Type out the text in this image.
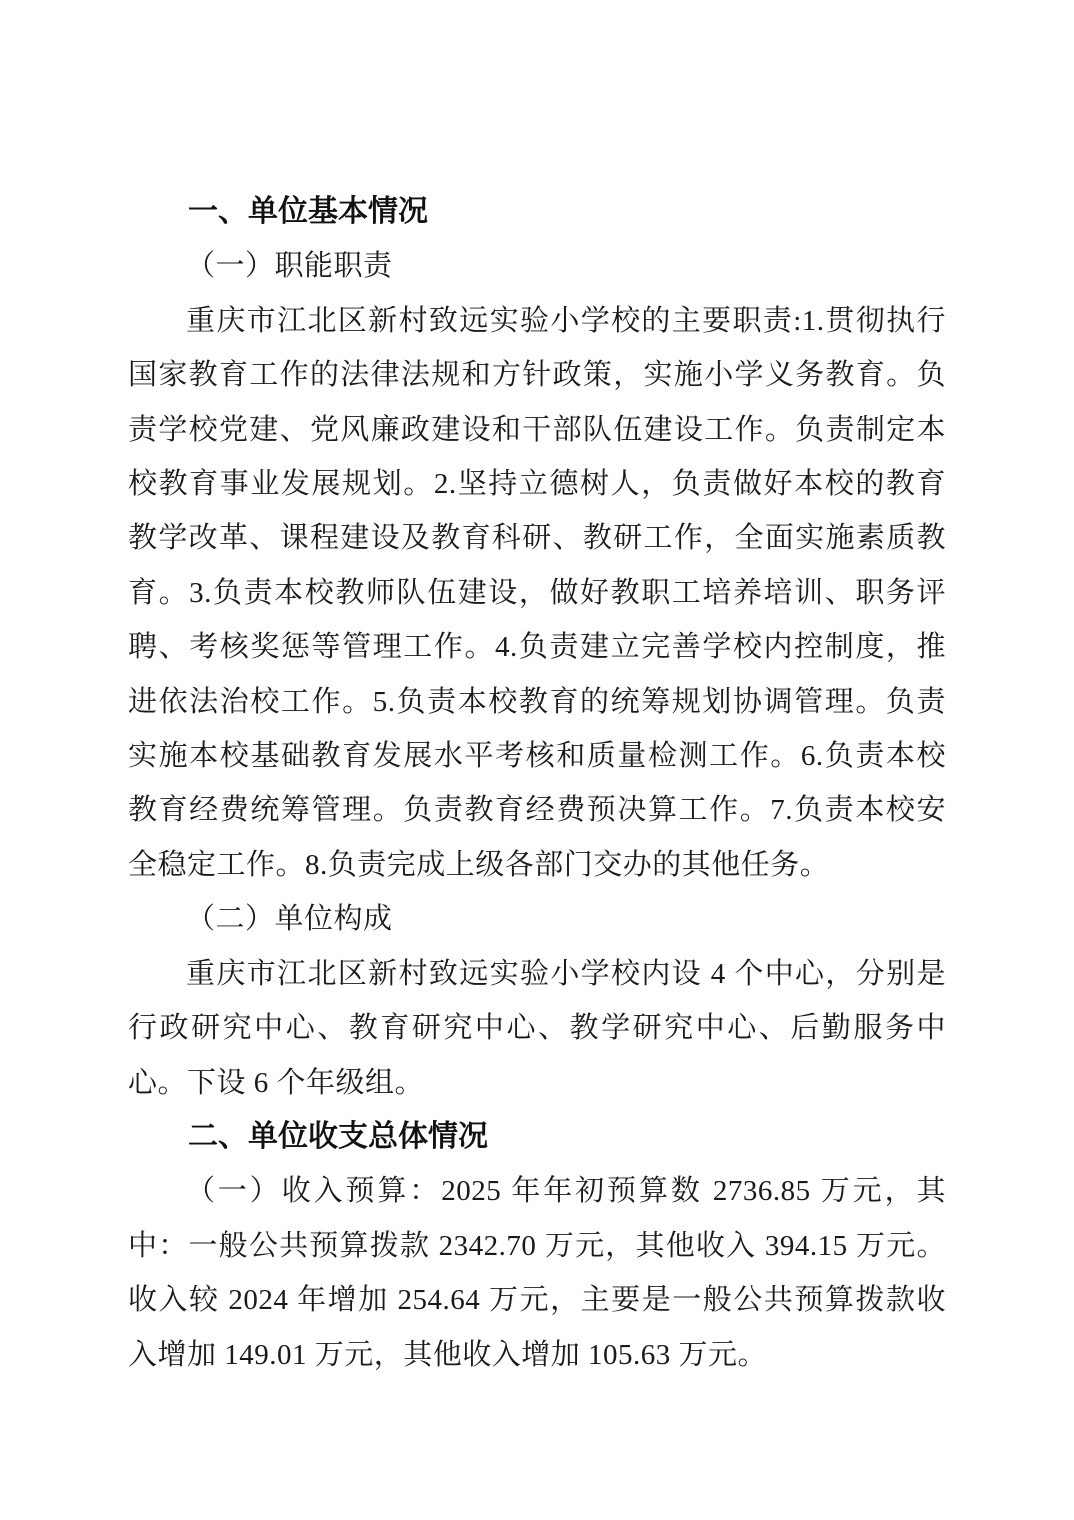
一、单位基本情况
（一）职能职责

重庆市江北区新村致远实验小学校的主要职责:1.贯彻执行国家教育工作的法律法规和方针政策，实施小学义务教育。负责学校党建、党风廉政建设和干部队伍建设工作。负责制定本校教育事业发展规划。2.坚持立德树人，负责做好本校的教育教学改革、课程建设及教育科研、教研工作，全面实施素质教育。3.负责本校教师队伍建设，做好教职工培养培训、职务评聘、考核奖惩等管理工作。4.负责建立完善学校内控制度，推进依法治校工作。5.负责本校教育的统筹规划协调管理。负责实施本校基础教育发展水平考核和质量检测工作。6.负责本校教育经费统筹管理。负责教育经费预决算工作。7.负责本校安全稳定工作。8.负责完成上级各部门交办的其他任务。

（二）单位构成

重庆市江北区新村致远实验小学校内设 4 个中心，分别是行政研究中心、教育研究中心、教学研究中心、后勤服务中心。下设 6 个年级组。

二、单位收支总体情况

（一）收入预算：2025 年年初预算数 2736.85 万元，其中：一般公共预算拨款 2342.70 万元，其他收入 394.15 万元。收入较 2024 年增加 254.64 万元，主要是一般公共预算拨款收入增加 149.01 万元，其他收入增加 105.63 万元。
